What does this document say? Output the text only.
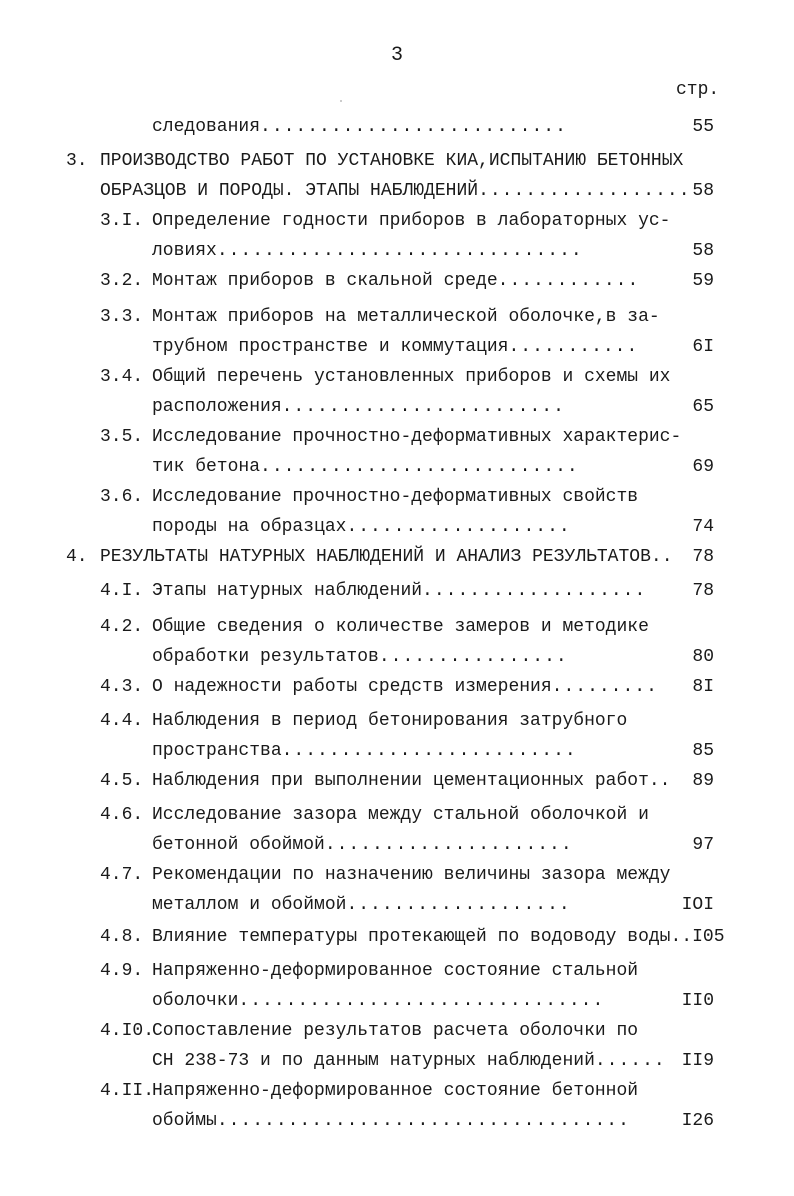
3
стр.
следования ..........................	55
3. ПРОИЗВОДСТВО РАБОТ ПО УСТАНОВКЕ КИА,ИСПЫТАНИЮ БЕТОННЫХ
ОБРАЗЦОВ И ПОРОДЫ. ЭТАПЫ НАБЛЮДЕНИЙ .................. 58
3.I. Определение годности приборов в лабораторных ус-
ловиях ...............................	58
3.2. Монтаж приборов в скальной среде ............	59
3.3. Монтаж приборов на металлической оболочке,в за-
трубном пространстве и коммутация ...........	6I
3.4. Общий перечень установленных приборов и схемы их
расположения ........................	65
3.5. Исследование прочностно-деформативных характерис-
тик бетона ...........................	69
3.6. Исследование прочностно-деформативных свойств
породы на образцах ...................	74
4. РЕЗУЛЬТАТЫ НАТУРНЫХ НАБЛЮДЕНИЙ И АНАЛИЗ РЕЗУЛЬТАТОВ.. 78
4.I. Этапы натурных наблюдений ...................	78
4.2. Общие сведения о количестве замеров и методике
обработки результатов ................	80
4.3. О надежности работы средств измерения ......... 8I
4.4. Наблюдения в период бетонирования затрубного
пространства .........................	85
4.5. Наблюдения при выполнении цементационных работ.. 89
4.6. Исследование зазора между стальной оболочкой и
бетонной обоймой .....................	97
4.7. Рекомендации по назначению величины зазора между
металлом и обоймой ...................	IOI
4.8. Влияние температуры протекающей по водоводу воды..I05
4.9. Напряженно-деформированное состояние стальной
оболочки ...............................	II0
4.I0.
Сопоставление результатов расчета оболочки по
СН 238-73 и по данным натурных наблюдений ...... II9
4.II.
Напряженно-деформированное состояние бетонной
обоймы ...................................	I26
